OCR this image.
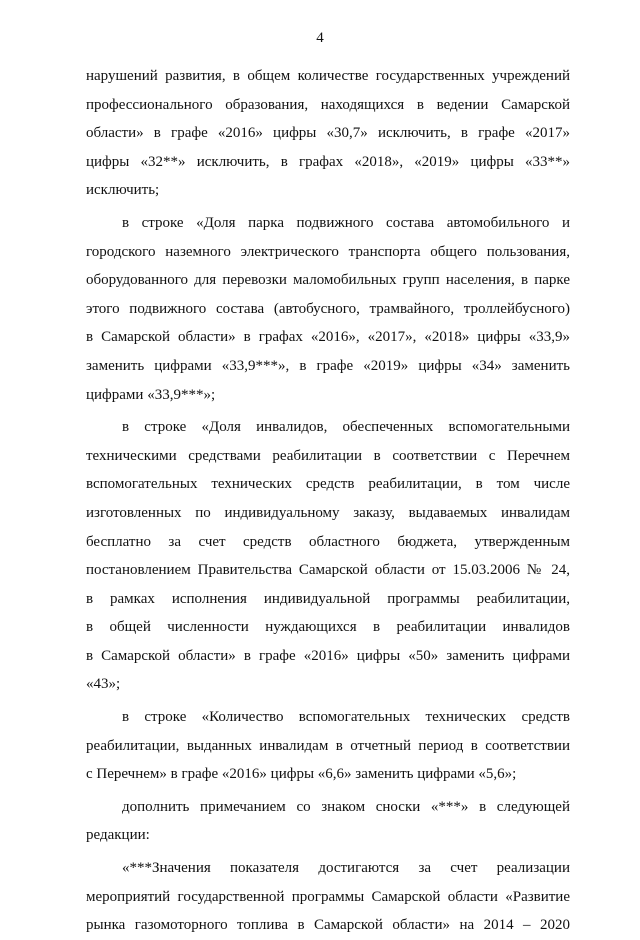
4
нарушений развития, в общем количестве государственных учреждений
профессионального образования, находящихся в ведении Самарской
области» в графе «2016» цифры «30,7» исключить, в графе «2017»
цифры «32**» исключить, в графах «2018», «2019» цифры «33**»
исключить;
в строке «Доля парка подвижного состава автомобильного и
городского наземного электрического транспорта общего пользования,
оборудованного для перевозки маломобильных групп населения, в парке
этого подвижного состава (автобусного, трамвайного, троллейбусного)
в Самарской области» в графах «2016», «2017», «2018» цифры «33,9»
заменить цифрами «33,9***», в графе «2019» цифры «34» заменить
цифрами «33,9***»;
в строке «Доля инвалидов, обеспеченных вспомогательными
техническими средствами реабилитации в соответствии с Перечнем
вспомогательных технических средств реабилитации, в том числе
изготовленных по индивидуальному заказу, выдаваемых инвалидам
бесплатно за счет средств областного бюджета, утвержденным
постановлением Правительства Самарской области от 15.03.2006 № 24,
в рамках исполнения индивидуальной программы реабилитации,
в общей численности нуждающихся в реабилитации инвалидов
в Самарской области» в графе «2016» цифры «50» заменить цифрами
«43»;
в строке «Количество вспомогательных технических средств
реабилитации, выданных инвалидам в отчетный период в соответствии
с Перечнем» в графе «2016» цифры «6,6» заменить цифрами «5,6»;
дополнить примечанием со знаком сноски «***» в следующей
редакции:
«***Значения показателя достигаются за счет реализации
мероприятий государственной программы Самарской области «Развитие
рынка газомоторного топлива в Самарской области» на 2014 – 2020
